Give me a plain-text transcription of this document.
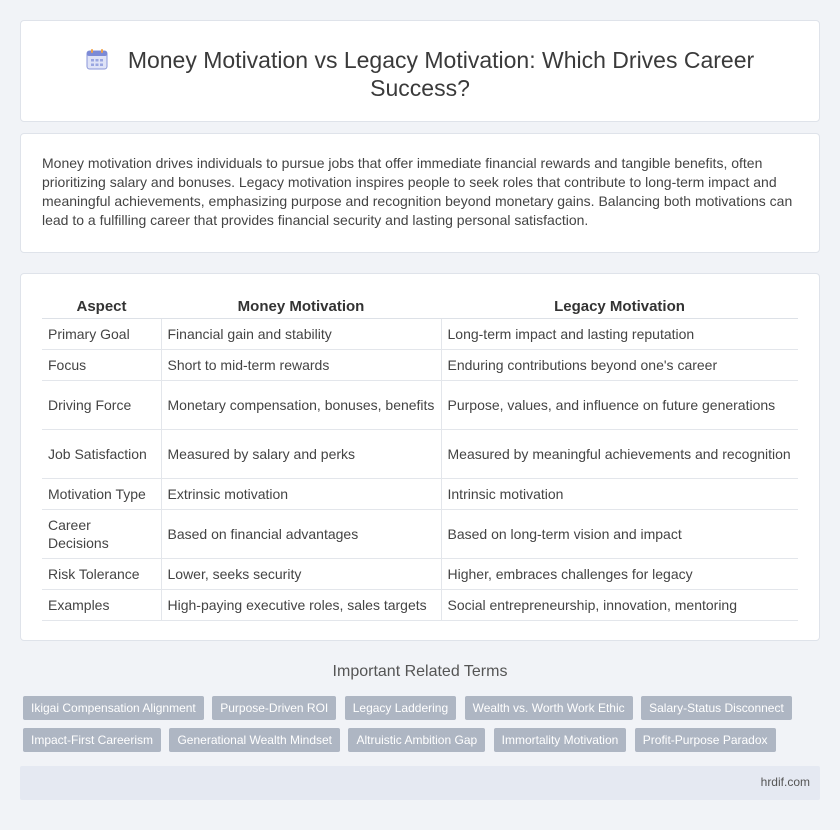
Money Motivation vs Legacy Motivation: Which Drives Career Success?

Money motivation drives individuals to pursue jobs that offer immediate financial rewards and tangible benefits, often prioritizing salary and bonuses. Legacy motivation inspires people to seek roles that contribute to long-term impact and meaningful achievements, emphasizing purpose and recognition beyond monetary gains. Balancing both motivations can lead to a fulfilling career that provides financial security and lasting personal satisfaction.

Aspect	Money Motivation	Legacy Motivation
Primary Goal	Financial gain and stability	Long-term impact and lasting reputation
Focus	Short to mid-term rewards	Enduring contributions beyond one's career
Driving Force	Monetary compensation, bonuses, benefits	Purpose, values, and influence on future generations
Job Satisfaction	Measured by salary and perks	Measured by meaningful achievements and recognition
Motivation Type	Extrinsic motivation	Intrinsic motivation
Career Decisions	Based on financial advantages	Based on long-term vision and impact
Risk Tolerance	Lower, seeks security	Higher, embraces challenges for legacy
Examples	High-paying executive roles, sales targets	Social entrepreneurship, innovation, mentoring
Important Related Terms
Ikigai Compensation Alignment Purpose-Driven ROI Legacy Laddering Wealth vs. Worth Work Ethic Salary-Status Disconnect
Impact-First Careerism Generational Wealth Mindset Altruistic Ambition Gap Immortality Motivation Profit-Purpose Paradox
hrdif.com
